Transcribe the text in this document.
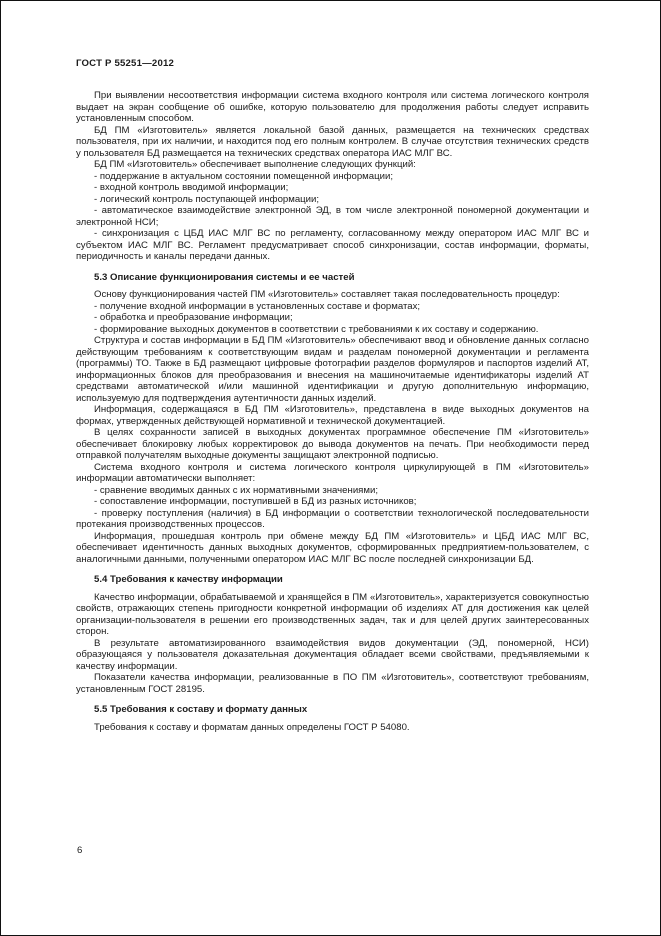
ГОСТ Р 55251—2012

При выявлении несоответствия информации система входного контроля или система логического контроля выдает на экран сообщение об ошибке, которую пользователю для продолжения работы следует исправить установленным способом.

БД ПМ «Изготовитель» является локальной базой данных, размещается на технических средствах пользователя, при их наличии, и находится под его полным контролем. В случае отсутствия технических средств у пользователя БД размещается на технических средствах оператора ИАС МЛГ ВС.

БД ПМ «Изготовитель» обеспечивает выполнение следующих функций:

- поддержание в актуальном состоянии помещенной информации;

- входной контроль вводимой информации;

- логический контроль поступающей информации;

- автоматическое взаимодействие электронной ЭД, в том числе электронной пономерной документации и электронной НСИ;

- синхронизация с ЦБД ИАС МЛГ ВС по регламенту, согласованному между оператором ИАС МЛГ ВС и субъектом ИАС МЛГ ВС. Регламент предусматривает способ синхронизации, состав информации, форматы, периодичность и каналы передачи данных.

5.3 Описание функционирования системы и ее частей

Основу функционирования частей ПМ «Изготовитель» составляет такая последовательность процедур:

- получение входной информации в установленных составе и форматах;

- обработка и преобразование информации;

- формирование выходных документов в соответствии с требованиями к их составу и содержанию.

Структура и состав информации в БД ПМ «Изготовитель» обеспечивают ввод и обновление данных согласно действующим требованиям к соответствующим видам и разделам пономерной документации и регламента (программы) ТО. Также в БД размещают цифровые фотографии разделов формуляров и паспортов изделий АТ, информационных блоков для преобразования и внесения на машиночитаемые идентификаторы изделий АТ средствами автоматической и/или машинной идентификации и другую дополнительную информацию, используемую для подтверждения аутентичности данных изделий.

Информация, содержащаяся в БД ПМ «Изготовитель», представлена в виде выходных документов на формах, утвержденных действующей нормативной и технической документацией.

В целях сохранности записей в выходных документах программное обеспечение ПМ «Изготовитель» обеспечивает блокировку любых корректировок до вывода документов на печать. При необходимости перед отправкой получателям выходные документы защищают электронной подписью.

Система входного контроля и система логического контроля циркулирующей в ПМ «Изготовитель» информации автоматически выполняет:

- сравнение вводимых данных с их нормативными значениями;

- сопоставление информации, поступившей в БД из разных источников;

- проверку поступления (наличия) в БД информации о соответствии технологической последовательности протекания производственных процессов.

Информация, прошедшая контроль при обмене между БД ПМ «Изготовитель» и ЦБД ИАС МЛГ ВС, обеспечивает идентичность данных выходных документов, сформированных предприятием-пользователем, с аналогичными данными, полученными оператором ИАС МЛГ ВС после последней синхронизации БД.

5.4 Требования к качеству информации

Качество информации, обрабатываемой и хранящейся в ПМ «Изготовитель», характеризуется совокупностью свойств, отражающих степень пригодности конкретной информации об изделиях АТ для достижения как целей организации-пользователя в решении его производственных задач, так и для целей других заинтересованных сторон.

В результате автоматизированного взаимодействия видов документации (ЭД, пономерной, НСИ) образующаяся у пользователя доказательная документация обладает всеми свойствами, предъявляемыми к качеству информации.

Показатели качества информации, реализованные в ПО ПМ «Изготовитель», соответствуют требованиям, установленным ГОСТ 28195.

5.5 Требования к составу и формату данных

Требования к составу и форматам данных определены ГОСТ Р 54080.

6
